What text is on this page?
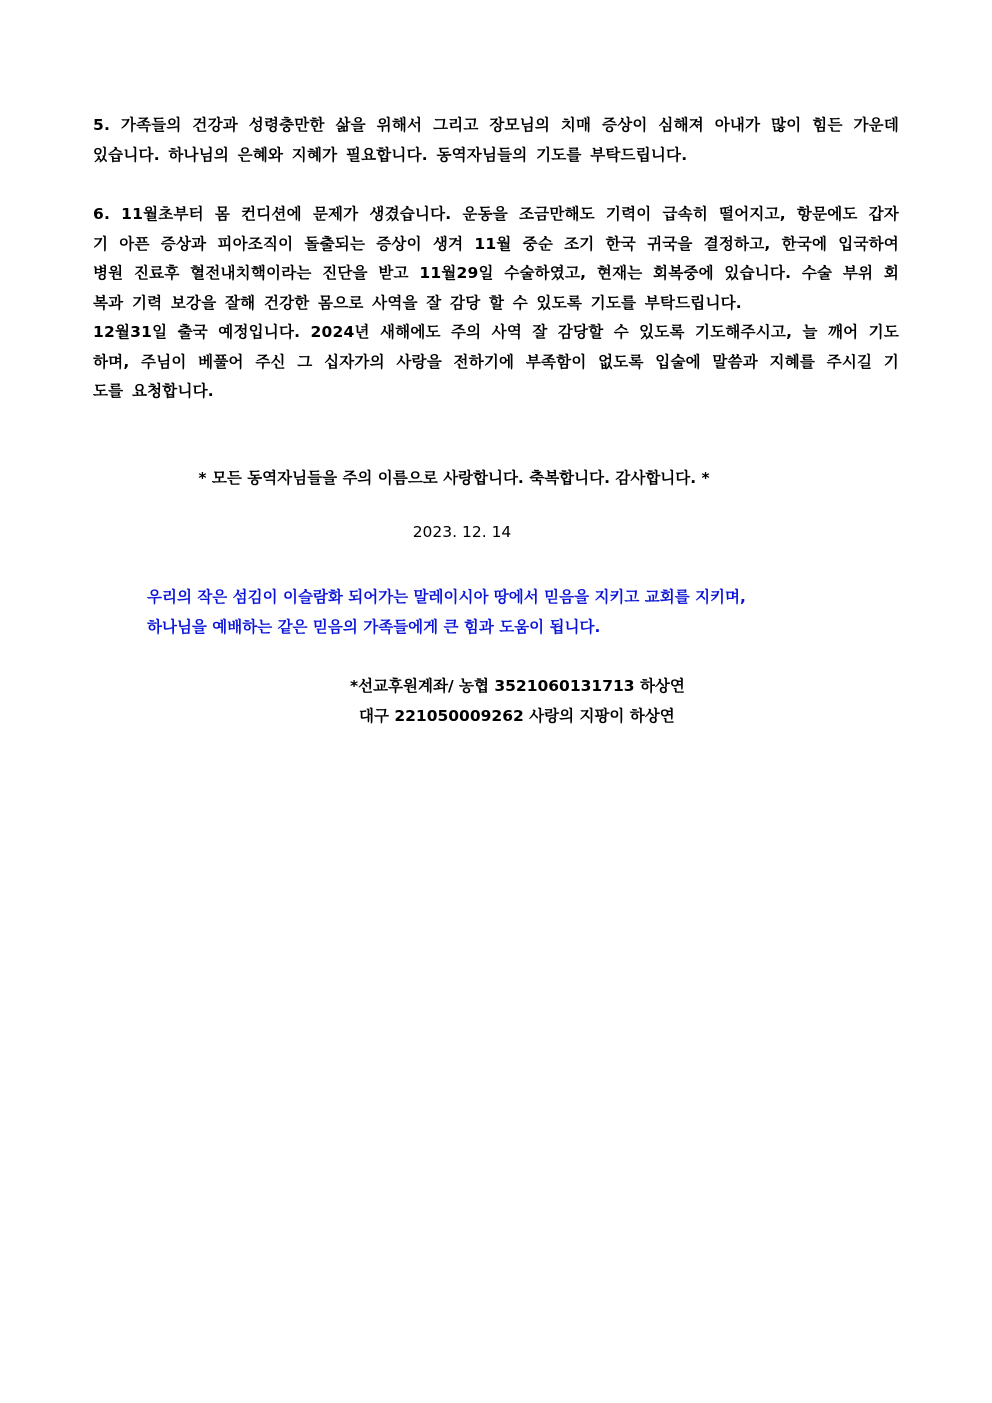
5. 가족들의 건강과 성령충만한 삶을 위해서 그리고 장모님의 치매 증상이 심해져 아내가 많이 힘든 가운데
있습니다. 하나님의 은혜와 지혜가 필요합니다. 동역자님들의 기도를 부탁드립니다.
6. 11월초부터 몸 컨디션에 문제가 생겼습니다. 운동을 조금만해도 기력이 급속히 떨어지고, 항문에도 갑자
기 아픈 증상과 피아조직이 돌출되는 증상이 생겨 11월 중순 조기 한국 귀국을 결정하고, 한국에 입국하여
병원 진료후 혈전내치핵이라는 진단을 받고 11월29일 수술하였고, 현재는 회복중에 있습니다. 수술 부위 회
복과 기력 보강을 잘해 건강한 몸으로 사역을 잘 감당 할 수 있도록 기도를 부탁드립니다.
12월31일 출국 예정입니다. 2024년 새해에도 주의 사역 잘 감당할 수 있도록 기도해주시고, 늘 깨어 기도
하며, 주님이 베풀어 주신 그 십자가의 사랑을 전하기에 부족함이 없도록 입술에 말씀과 지혜를 주시길 기
도를 요청합니다.
* 모든 동역자님들을 주의 이름으로 사랑합니다. 축복합니다. 감사합니다. *
2023. 12. 14
우리의 작은 섬김이 이슬람화 되어가는 말레이시아 땅에서 믿음을 지키고 교회를 지키며,
하나님을 예배하는 같은 믿음의 가족들에게 큰 힘과 도움이 됩니다.
*선교후원계좌/ 농협 3521060131713 하상연
대구 221050009262 사랑의 지팡이 하상연
